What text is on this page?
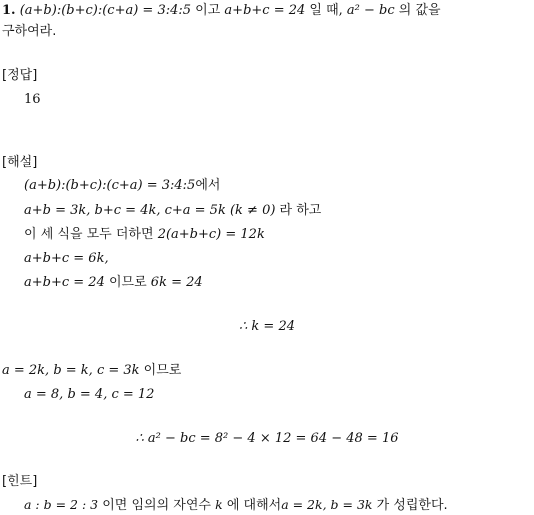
1. (a+b):(b+c):(c+a) = 3:4:5 이고 a+b+c = 24 일 때, a² − bc 의 값을
구하여라.
[정답]
16
[해설]
(a+b):(b+c):(c+a) = 3:4:5에서
a+b = 3k, b+c = 4k, c+a = 5k (k ≠ 0) 라 하고
이 세 식을 모두 더하면 2(a+b+c) = 12k
a+b+c = 6k,
a+b+c = 24 이므로 6k = 24
∴ k = 24
a = 2k, b = k, c = 3k 이므로
a = 8, b = 4, c = 12
∴ a² − bc = 8² − 4 × 12 = 64 − 48 = 16
[힌트]
a : b = 2 : 3 이면 임의의 자연수 k 에 대해서a = 2k, b = 3k 가 성립한다.
